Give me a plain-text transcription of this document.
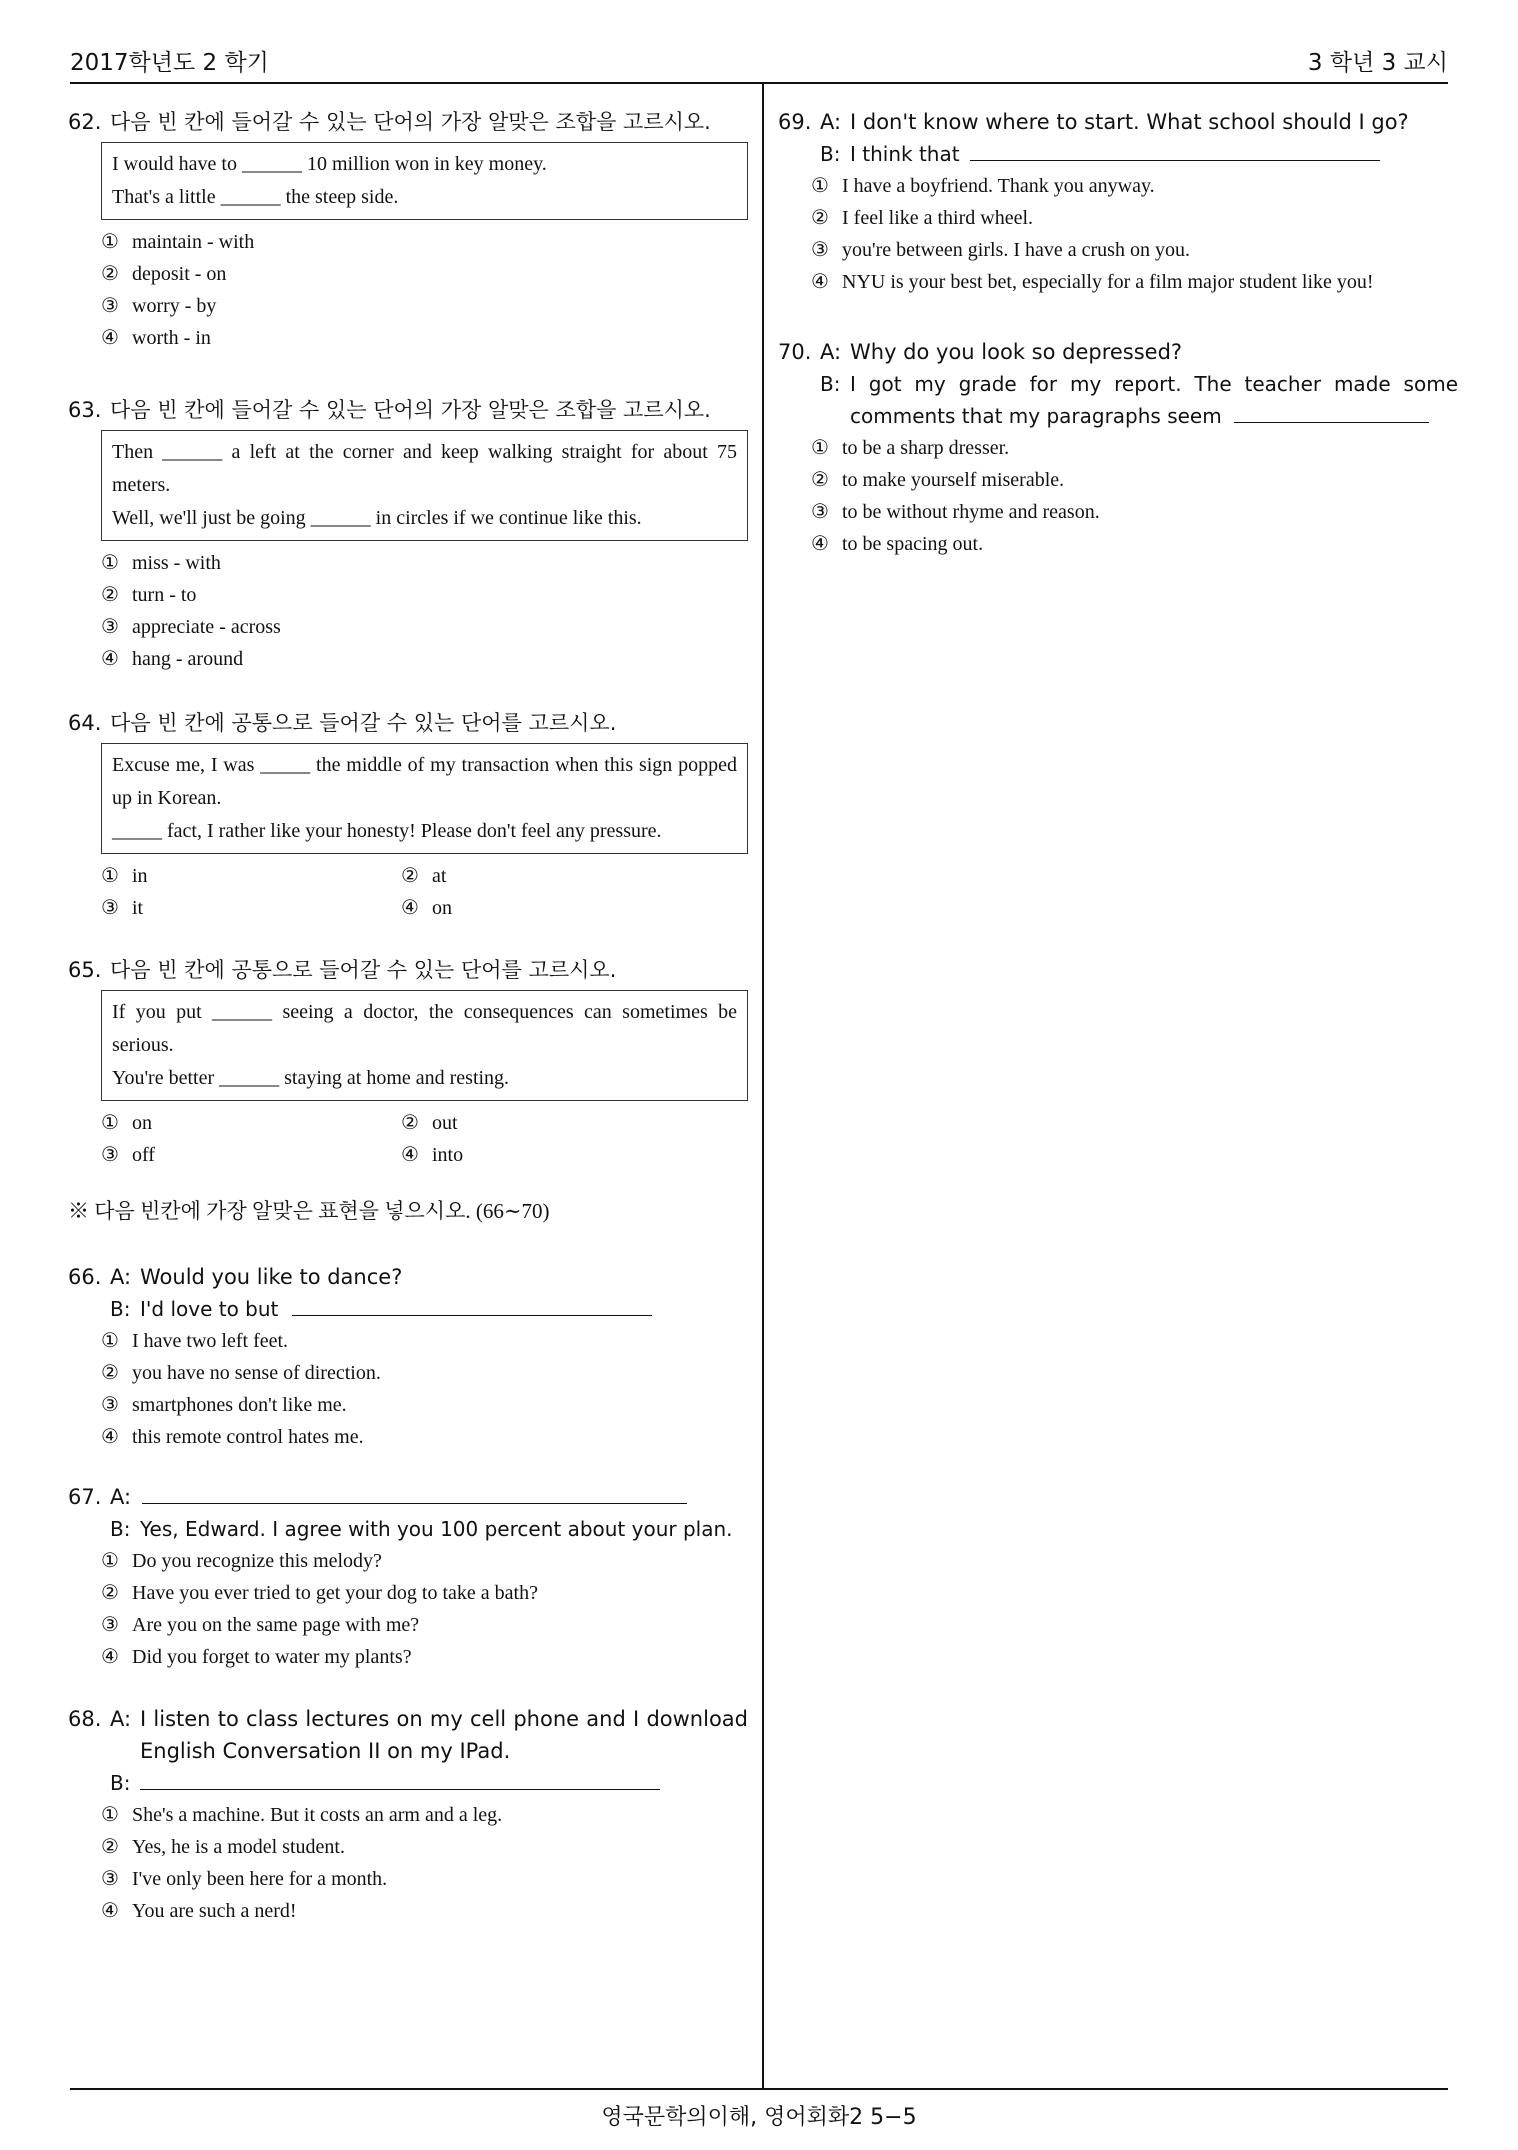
2017학년도 2 학기	3 학년 3 교시
62. 다음 빈 칸에 들어갈 수 있는 단어의 가장 알맞은 조합을 고르시오.
I would have to ______ 10 million won in key money.
That's a little ______ the steep side.
① maintain - with
② deposit - on
③ worry - by
④ worth - in
63. 다음 빈 칸에 들어갈 수 있는 단어의 가장 알맞은 조합을 고르시오.
Then ______ a left at the corner and keep walking straight for about 75 meters.
Well, we'll just be going ______ in circles if we continue like this.
① miss - with
② turn - to
③ appreciate - across
④ hang - around
64. 다음 빈 칸에 공통으로 들어갈 수 있는 단어를 고르시오.
Excuse me, I was _____ the middle of my transaction when this sign popped up in Korean.
_____ fact, I rather like your honesty! Please don't feel any pressure.
① in	② at
③ it	④ on
65. 다음 빈 칸에 공통으로 들어갈 수 있는 단어를 고르시오.
If you put ______ seeing a doctor, the consequences can sometimes be serious.
You're better ______ staying at home and resting.
① on	② out
③ off	④ into
※ 다음 빈칸에 가장 알맞은 표현을 넣으시오. (66∼70)
66. A: Would you like to dance?
B: I'd love to but
① I have two left feet.
② you have no sense of direction.
③ smartphones don't like me.
④ this remote control hates me.
67. A:
B: Yes, Edward. I agree with you 100 percent about your plan.
① Do you recognize this melody?
② Have you ever tried to get your dog to take a bath?
③ Are you on the same page with me?
④ Did you forget to water my plants?
68. A: I listen to class lectures on my cell phone and I download English Conversation II on my IPad.
B:
① She's a machine. But it costs an arm and a leg.
② Yes, he is a model student.
③ I've only been here for a month.
④ You are such a nerd!
69. A: I don't know where to start. What school should I go?
B: I think that
① I have a boyfriend. Thank you anyway.
② I feel like a third wheel.
③ you're between girls. I have a crush on you.
④ NYU is your best bet, especially for a film major student like you!
70. A: Why do you look so depressed?
B: I got my grade for my report. The teacher made some comments that my paragraphs seem
① to be a sharp dresser.
② to make yourself miserable.
③ to be without rhyme and reason.
④ to be spacing out.
영국문학의이해, 영어회화2 5−5
